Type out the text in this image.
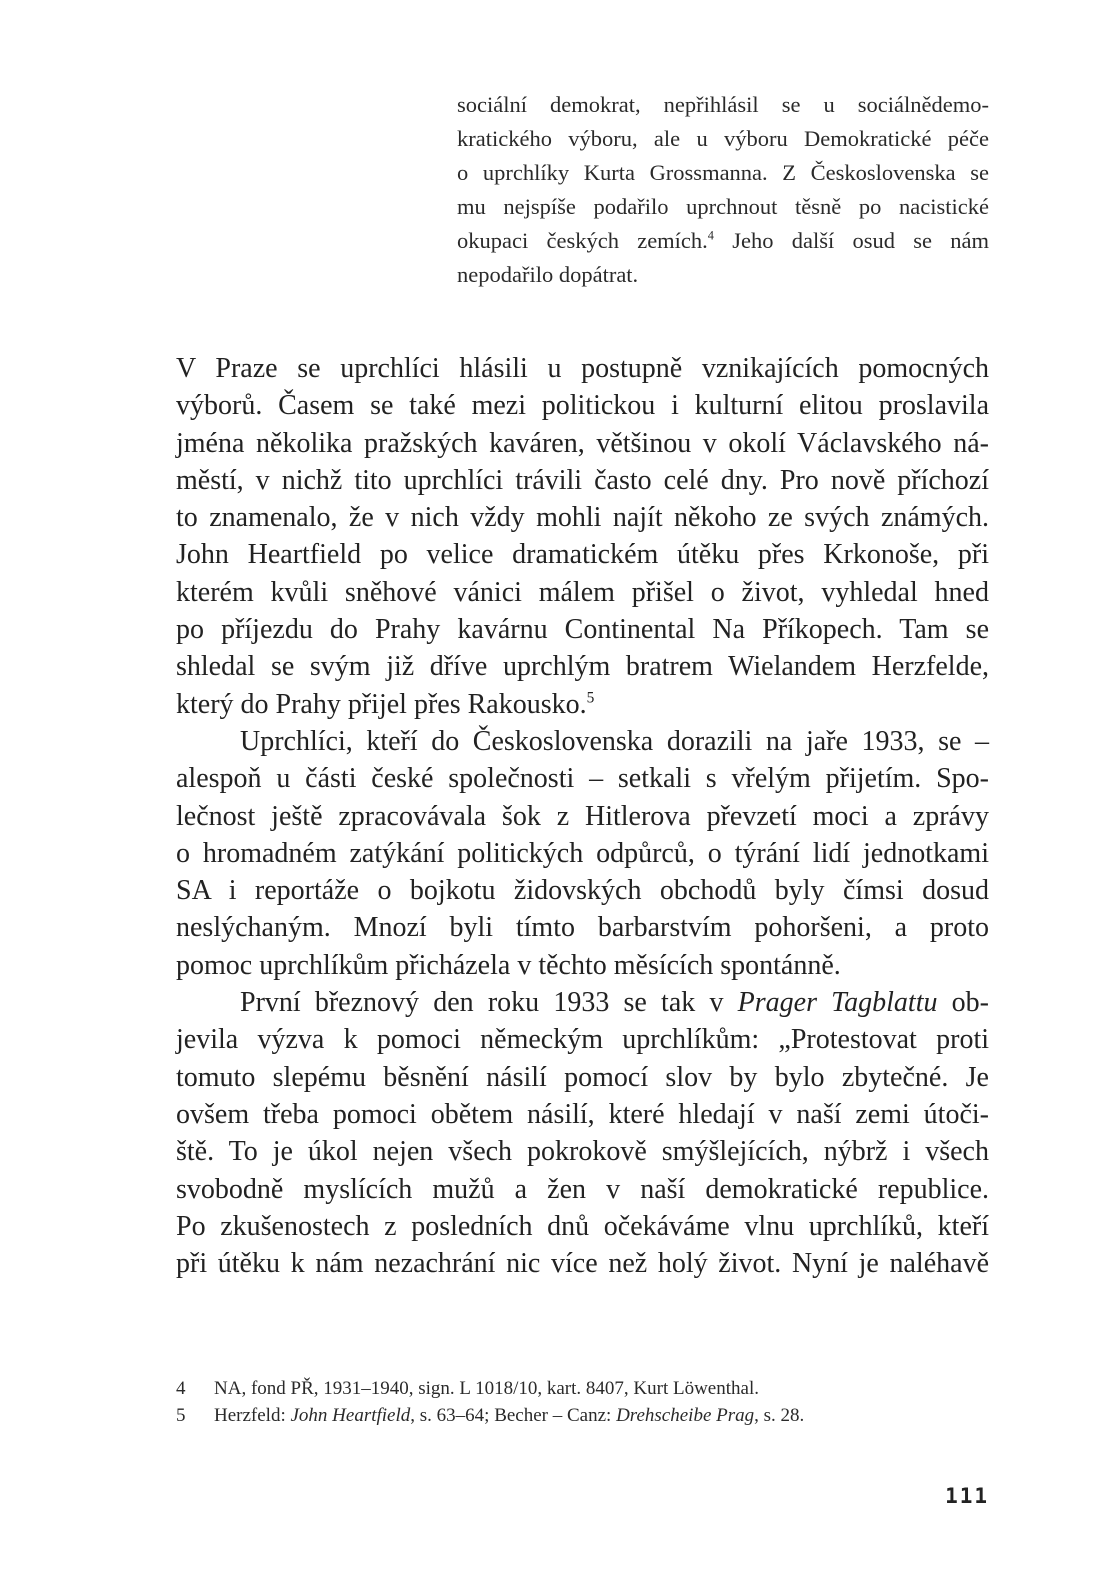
sociální demokrat, nepřihlásil se u sociálnědemo-
kratického výboru, ale u výboru Demokratické péče
o uprchlíky Kurta Grossmanna. Z Československa se
mu nejspíše podařilo uprchnout těsně po nacistické
okupaci českých zemích.$^4$ Jeho další osud se nám
nepodařilo dopátrat.
V Praze se uprchlíci hlásili u postupně vznikajících pomocných
výborů. Časem se také mezi politickou i kulturní elitou proslavila
jména několika pražských kaváren, většinou v okolí Václavského ná-
městí, v nichž tito uprchlíci trávili často celé dny. Pro nově příchozí
to znamenalo, že v nich vždy mohli najít někoho ze svých známých.
John Heartfield po velice dramatickém útěku přes Krkonoše, při
kterém kvůli sněhové vánici málem přišel o život, vyhledal hned
po příjezdu do Prahy kavárnu Continental Na Příkopech. Tam se
shledal se svým již dříve uprchlým bratrem Wielandem Herzfelde,
který do Prahy přijel přes Rakousko.$^5$
Uprchlíci, kteří do Československa dorazili na jaře 1933, se –
alespoň u části české společnosti – setkali s vřelým přijetím. Spo-
lečnost ještě zpracovávala šok z Hitlerova převzetí moci a zprávy
o hromadném zatýkání politických odpůrců, o týrání lidí jednotkami
SA i reportáže o bojkotu židovských obchodů byly čímsi dosud
neslýchaným. Mnozí byli tímto barbarstvím pohoršeni, a proto
pomoc uprchlíkům přicházela v těchto měsících spontánně.
První březnový den roku 1933 se tak v Prager Tagblattu ob-
jevila výzva k pomoci německým uprchlíkům: „Protestovat proti
tomuto slepému běsnění násilí pomocí slov by bylo zbytečné. Je
ovšem třeba pomoci obětem násilí, které hledají v naší zemi útoči-
ště. To je úkol nejen všech pokrokově smýšlejících, nýbrž i všech
svobodně myslících mužů a žen v naší demokratické republice.
Po zkušenostech z posledních dnů očekáváme vlnu uprchlíků, kteří
při útěku k nám nezachrání nic více než holý život. Nyní je naléhavě
4	NA, fond PŘ, 1931–1940, sign. L 1018/10, kart. 8407, Kurt Löwenthal.
5	Herzfeld: John Heartfield, s. 63–64; Becher – Canz: Drehscheibe Prag, s. 28.
111
